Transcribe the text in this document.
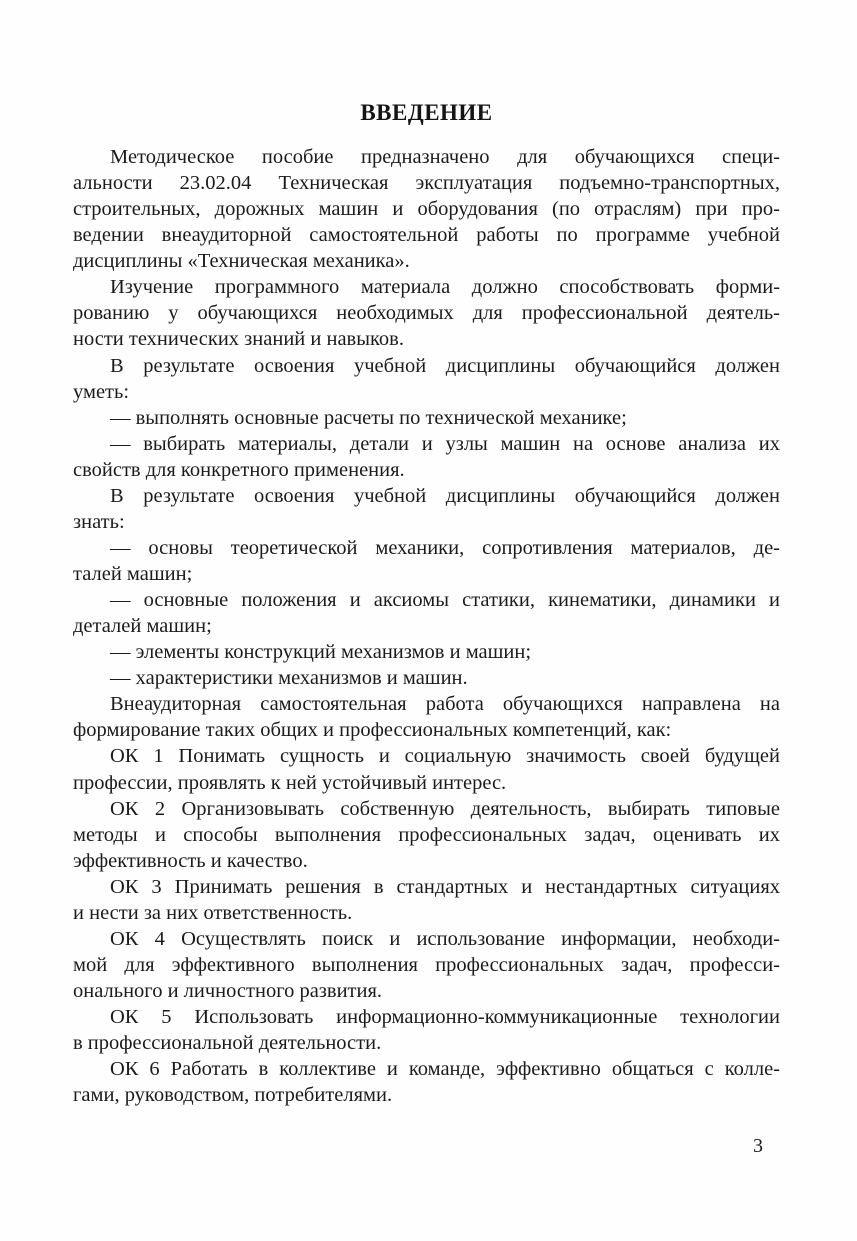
ВВЕДЕНИЕ

Методическое пособие предназначено для обучающихся специ-
альности 23.02.04 Техническая эксплуатация подъемно-транспортных,
строительных, дорожных машин и оборудования (по отраслям) при про-
ведении внеаудиторной самостоятельной работы по программе учебной
дисциплины «Техническая механика».

Изучение программного материала должно способствовать форми-
рованию у обучающихся необходимых для профессиональной деятель-
ности технических знаний и навыков.

В результате освоения учебной дисциплины обучающийся должен
уметь:

— выполнять основные расчеты по технической механике;

— выбирать материалы, детали и узлы машин на основе анализа их
свойств для конкретного применения.

В результате освоения учебной дисциплины обучающийся должен
знать:

— основы теоретической механики, сопротивления материалов, де-
талей машин;

— основные положения и аксиомы статики, кинематики, динамики и
деталей машин;

— элементы конструкций механизмов и машин;

— характеристики механизмов и машин.

Внеаудиторная самостоятельная работа обучающихся направлена на
формирование таких общих и профессиональных компетенций, как:

ОК 1 Понимать сущность и социальную значимость своей будущей
профессии, проявлять к ней устойчивый интерес.

ОК 2 Организовывать собственную деятельность, выбирать типовые
методы и способы выполнения профессиональных задач, оценивать их
эффективность и качество.

ОК 3 Принимать решения в стандартных и нестандартных ситуациях
и нести за них ответственность.

ОК 4 Осуществлять поиск и использование информации, необходи-
мой для эффективного выполнения профессиональных задач, професси-
онального и личностного развития.

ОК 5 Использовать информационно-коммуникационные технологии
в профессиональной деятельности.

ОК 6 Работать в коллективе и команде, эффективно общаться с колле-
гами, руководством, потребителями.

3
